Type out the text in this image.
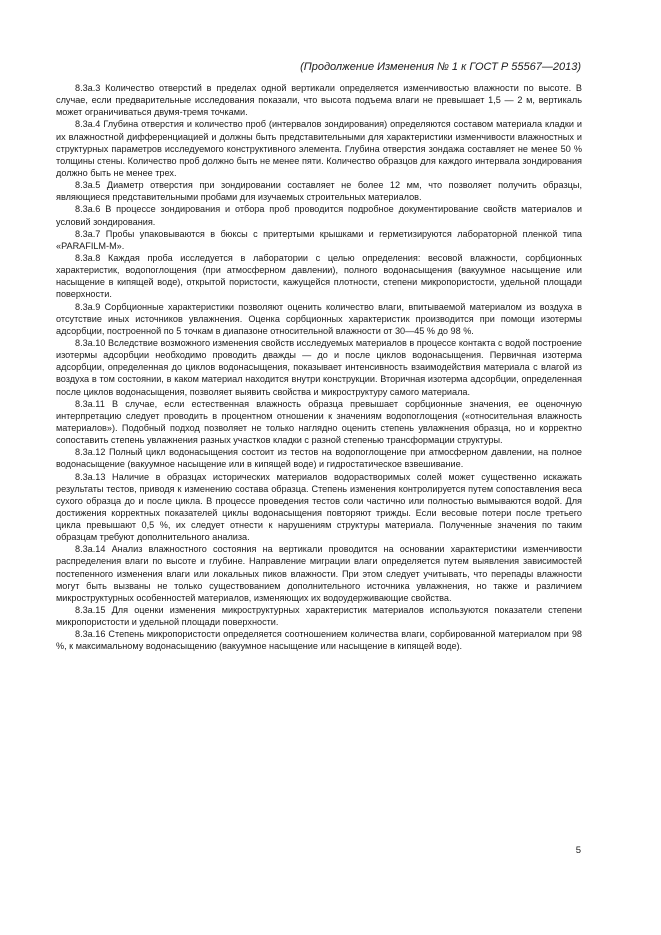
(Продолжение Изменения № 1 к ГОСТ Р 55567—2013)

8.3а.3 Количество отверстий в пределах одной вертикали определяется изменчивостью влажности по высоте. В случае, если предварительные исследования показали, что высота подъема влаги не превышает 1,5 — 2 м, вертикаль может ограничиваться двумя-тремя точками.

8.3а.4 Глубина отверстия и количество проб (интервалов зондирования) определяются составом материала кладки и их влажностной дифференциацией и должны быть представительными для характеристики изменчивости влажностных и структурных параметров исследуемого конструктивного элемента. Глубина отверстия зондажа составляет не менее 50 % толщины стены. Количество проб должно быть не менее пяти. Количество образцов для каждого интервала зондирования должно быть не менее трех.

8.3а.5 Диаметр отверстия при зондировании составляет не более 12 мм, что позволяет получить образцы, являющиеся представительными пробами для изучаемых строительных материалов.

8.3а.6 В процессе зондирования и отбора проб проводится подробное документирование свойств материалов и условий зондирования.

8.3а.7 Пробы упаковываются в бюксы с притертыми крышками и герметизируются лабораторной пленкой типа «PARAFILM-M».

8.3а.8 Каждая проба исследуется в лаборатории с целью определения: весовой влажности, сорбционных характеристик, водопоглощения (при атмосферном давлении), полного водонасыщения (вакуумное насыщение или насыщение в кипящей воде), открытой пористости, кажущейся плотности, степени микропористости, удельной площади поверхности.

8.3а.9 Сорбционные характеристики позволяют оценить количество влаги, впитываемой материалом из воздуха в отсутствие иных источников увлажнения. Оценка сорбционных характеристик производится при помощи изотермы адсорбции, построенной по 5 точкам в диапазоне относительной влажности от 30—45 % до 98 %.

8.3а.10 Вследствие возможного изменения свойств исследуемых материалов в процессе контакта с водой построение изотермы адсорбции необходимо проводить дважды — до и после циклов водонасыщения. Первичная изотерма адсорбции, определенная до циклов водонасыщения, показывает интенсивность взаимодействия материала с влагой из воздуха в том состоянии, в каком материал находится внутри конструкции. Вторичная изотерма адсорбции, определенная после циклов водонасыщения, позволяет выявить свойства и микроструктуру самого материала.

8.3а.11 В случае, если естественная влажность образца превышает сорбционные значения, ее оценочную интерпретацию следует проводить в процентном отношении к значениям водопоглощения («относительная влажность материалов»). Подобный подход позволяет не только наглядно оценить степень увлажнения образца, но и корректно сопоставить степень увлажнения разных участков кладки с разной степенью трансформации структуры.

8.3а.12 Полный цикл водонасыщения состоит из тестов на водопоглощение при атмосферном давлении, на полное водонасыщение (вакуумное насыщение или в кипящей воде) и гидростатическое взвешивание.

8.3а.13 Наличие в образцах исторических материалов водорастворимых солей может существенно искажать результаты тестов, приводя к изменению состава образца. Степень изменения контролируется путем сопоставления веса сухого образца до и после цикла. В процессе проведения тестов соли частично или полностью вымываются водой. Для достижения корректных показателей циклы водонасыщения повторяют трижды. Если весовые потери после третьего цикла превышают 0,5 %, их следует отнести к нарушениям структуры материала. Полученные значения по таким образцам требуют дополнительного анализа.

8.3а.14 Анализ влажностного состояния на вертикали проводится на основании характеристики изменчивости распределения влаги по высоте и глубине. Направление миграции влаги определяется путем выявления зависимостей постепенного изменения влаги или локальных пиков влажности. При этом следует учитывать, что перепады влажности могут быть вызваны не только существованием дополнительного источника увлажнения, но также и различием микроструктурных особенностей материалов, изменяющих их водоудерживающие свойства.

8.3а.15 Для оценки изменения микроструктурных характеристик материалов используются показатели степени микропористости и удельной площади поверхности.

8.3а.16 Степень микропористости определяется соотношением количества влаги, сорбированной материалом при 98 %, к максимальному водонасыщению (вакуумное насыщение или насыщение в кипящей воде).

5
